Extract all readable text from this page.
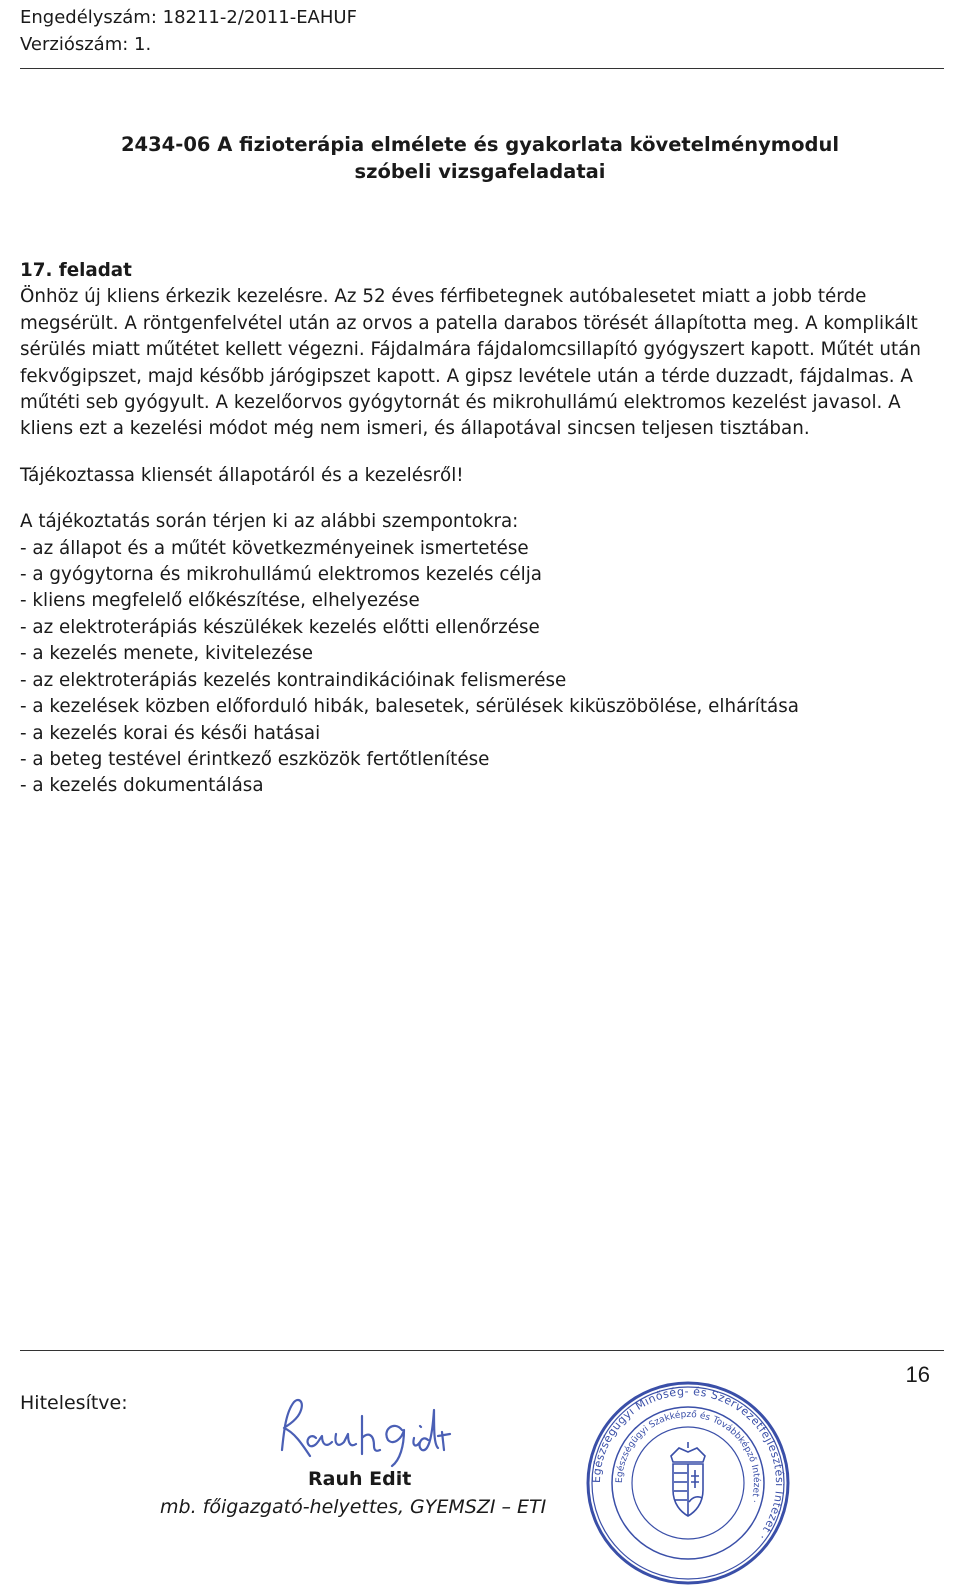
Engedélyszám: 18211-2/2011-EAHUF
Verziószám: 1.
2434-06 A fizioterápia elmélete és gyakorlata követelménymodul
szóbeli vizsgafeladatai

17. feladat

Önhöz új kliens érkezik kezelésre. Az 52 éves férfibetegnek autóbalesetet miatt a jobb térde megsérült. A röntgenfelvétel után az orvos a patella darabos törését állapította meg. A komplikált sérülés miatt műtétet kellett végezni. Fájdalmára fájdalomcsillapító gyógyszert kapott. Műtét után fekvőgipszet, majd később járógipszet kapott. A gipsz levétele után a térde duzzadt, fájdalmas. A műtéti seb gyógyult. A kezelőorvos gyógytornát és mikrohullámú elektromos kezelést javasol. A kliens ezt a kezelési módot még nem ismeri, és állapotával sincsen teljesen tisztában.

Tájékoztassa kliensét állapotáról és a kezelésről!

A tájékoztatás során térjen ki az alábbi szempontokra:

- az állapot és a műtét következményeinek ismertetése
- a gyógytorna és mikrohullámú elektromos kezelés célja
- kliens megfelelő előkészítése, elhelyezése
- az elektroterápiás készülékek kezelés előtti ellenőrzése
- a kezelés menete, kivitelezése
- az elektroterápiás kezelés kontraindikációinak felismerése
- a kezelések közben előforduló hibák, balesetek, sérülések kiküszöbölése, elhárítása
- a kezelés korai és késői hatásai
- a beteg testével érintkező eszközök fertőtlenítése
- a kezelés dokumentálása
16
Hitelesítve:
Rauh Edit
mb. főigazgató-helyettes, GYEMSZI – ETI
Egészségügyi Minőség- és Szervezetfejlesztési Intézet ·
Egészségügyi Szakképző és Továbbképző Intézet ·
